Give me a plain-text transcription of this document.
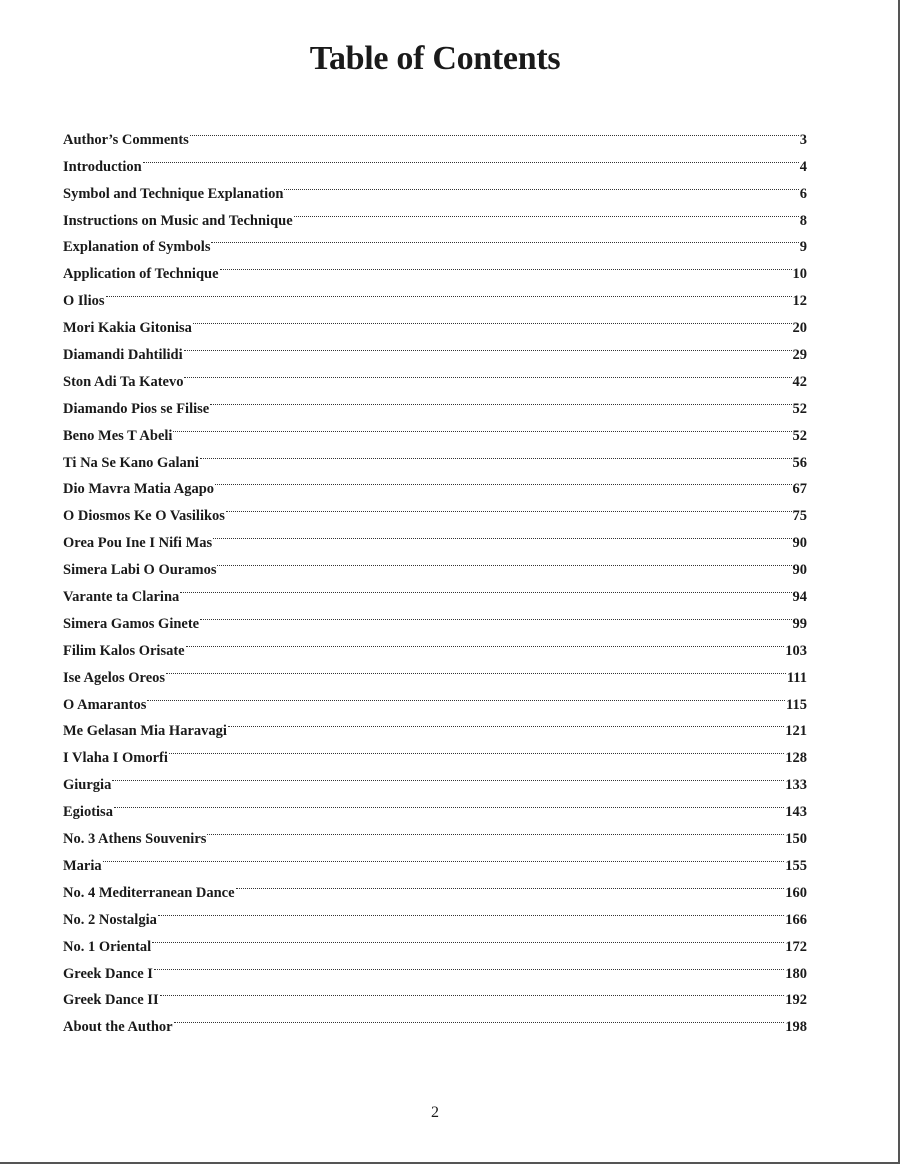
Table of Contents
Author’s Comments	3
Introduction	4
Symbol and Technique Explanation	6
Instructions on Music and Technique	8
Explanation of Symbols	9
Application of Technique	10
O Ilios	12
Mori Kakia Gitonisa	20
Diamandi Dahtilidi	29
Ston Adi Ta Katevo	42
Diamando Pios se Filise	52
Beno Mes T Abeli	52
Ti Na Se Kano Galani	56
Dio Mavra Matia Agapo	67
O Diosmos Ke O Vasilikos	75
Orea Pou Ine I Nifi Mas	90
Simera Labi O Ouramos	90
Varante ta Clarina	94
Simera Gamos Ginete	99
Filim Kalos Orisate	103
Ise Agelos Oreos	111
O Amarantos	115
Me Gelasan Mia Haravagi	121
I Vlaha I Omorfi	128
Giurgia	133
Egiotisa	143
No. 3 Athens Souvenirs	150
Maria	155
No. 4 Mediterranean Dance	160
No. 2 Nostalgia	166
No. 1 Oriental	172
Greek Dance I	180
Greek Dance II	192
About the Author	198
2
